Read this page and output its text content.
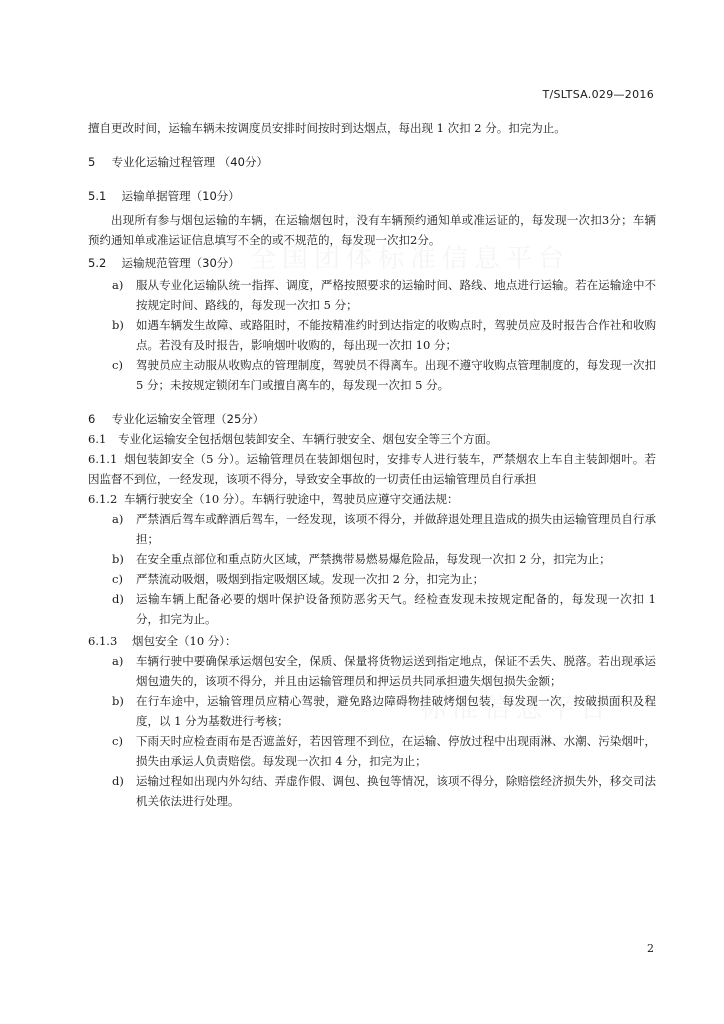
T/SLTSA.029—2016

擅自更改时间，运输车辆未按调度员安排时间按时到达烟点，每出现 1 次扣 2 分。扣完为止。

5 专业化运输过程管理 （40分）

5.1 运输单据管理（10分）

出现所有参与烟包运输的车辆，在运输烟包时，没有车辆预约通知单或准运证的，每发现一次扣3分；车辆预约通知单或准运证信息填写不全的或不规范的，每发现一次扣2分。

5.2 运输规范管理（30分）

a)	服从专业化运输队统一指挥、调度，严格按照要求的运输时间、路线、地点进行运输。若在运输途中不按规定时间、路线的，每发现一次扣 5 分；
b)	如遇车辆发生故障、或路阻时，不能按精准约时到达指定的收购点时，驾驶员应及时报告合作社和收购点。若没有及时报告，影响烟叶收购的，每出现一次扣 10 分；
c)	驾驶员应主动服从收购点的管理制度，驾驶员不得离车。出现不遵守收购点管理制度的，每发现一次扣 5 分；未按规定锁闭车门或擅自离车的，每发现一次扣 5 分。

6 专业化运输安全管理（25分）

6.1 专业化运输安全包括烟包装卸安全、车辆行驶安全、烟包安全等三个方面。

6.1.1 烟包装卸安全（5 分）。运输管理员在装卸烟包时，安排专人进行装车，严禁烟农上车自主装卸烟叶。若因监督不到位，一经发现，该项不得分，导致安全事故的一切责任由运输管理员自行承担

6.1.2 车辆行驶安全（10 分）。车辆行驶途中，驾驶员应遵守交通法规：

a)	严禁酒后驾车或醉酒后驾车，一经发现，该项不得分，并做辞退处理且造成的损失由运输管理员自行承担；
b)	在安全重点部位和重点防火区域，严禁携带易燃易爆危险品，每发现一次扣 2 分，扣完为止；
c)	严禁流动吸烟，吸烟到指定吸烟区域。发现一次扣 2 分，扣完为止；
d)	运输车辆上配备必要的烟叶保护设备预防恶劣天气。经检查发现未按规定配备的，每发现一次扣 1 分，扣完为止。

6.1.3 烟包安全（10 分）：

a)	车辆行驶中要确保承运烟包安全，保质、保量将货物运送到指定地点，保证不丢失、脱落。若出现承运烟包遗失的，该项不得分，并且由运输管理员和押运员共同承担遗失烟包损失金额；
b)	在行车途中，运输管理员应精心驾驶，避免路边障碍物挂破烤烟包装，每发现一次，按破损面积及程度，以 1 分为基数进行考核；
c)	下雨天时应检查雨布是否遮盖好，若因管理不到位，在运输、停放过程中出现雨淋、水潮、污染烟叶，损失由承运人负责赔偿。每发现一次扣 4 分，扣完为止；
d)	运输过程如出现内外勾结、弄虚作假、调包、换包等情况，该项不得分，除赔偿经济损失外，移交司法机关依法进行处理。
2
